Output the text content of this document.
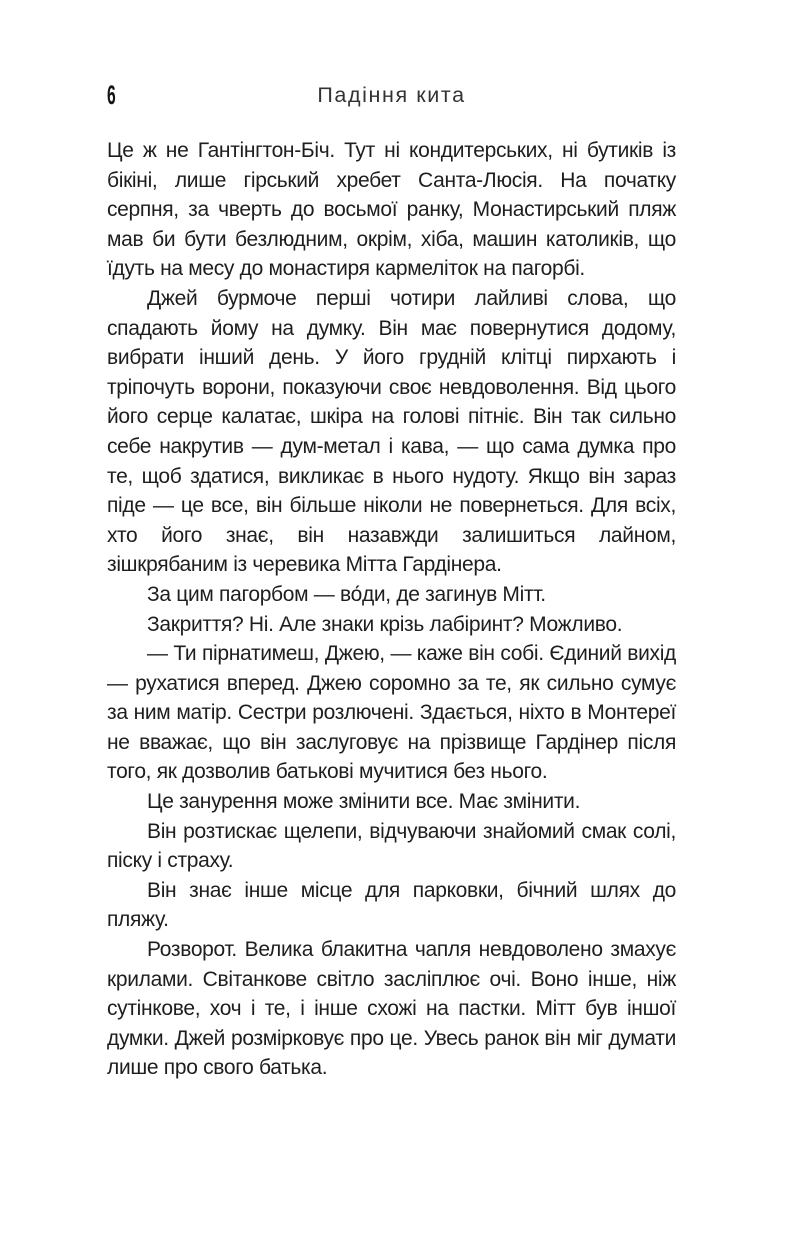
6	Падіння кита

Це ж не Гантінгтон-Біч. Тут ні кондитерських, ні бутиків із бікіні, лише гірський хребет Санта-Люсія. На початку серпня, за чверть до восьмої ранку, Монастирський пляж мав би бути безлюдним, окрім, хіба, машин католиків, що їдуть на месу до монастиря кармеліток на пагорбі.

Джей бурмоче перші чотири лайливі слова, що спадають йому на думку. Він має повернутися додому, вибрати інший день. У його грудній клітці пирхають і тріпочуть ворони, показуючи своє невдоволення. Від цього його серце калатає, шкіра на голові пітніє. Він так сильно себе накрутив — дум-метал і кава, — що сама думка про те, щоб здатися, викликає в нього нудоту. Якщо він зараз піде — це все, він більше ніколи не повернеться. Для всіх, хто його знає, він назавжди залишиться лайном, зішкрябаним із черевика Мітта Гардінера.

За цим пагорбом — во́ди, де загинув Мітт.

Закриття? Ні. Але знаки крізь лабіринт? Можливо.

— Ти пірнатимеш, Джею, — каже він собі. Єдиний вихід — рухатися вперед. Джею соромно за те, як сильно сумує за ним матір. Сестри розлючені. Здається, ніхто в Монтереї не вважає, що він заслуговує на прізвище Гардінер після того, як дозволив батькові мучитися без нього.

Це занурення може змінити все. Має змінити.

Він розтискає щелепи, відчуваючи знайомий смак солі, піску і страху.

Він знає інше місце для парковки, бічний шлях до пляжу.

Розворот. Велика блакитна чапля невдоволено змахує крилами. Світанкове світло засліплює очі. Воно інше, ніж сутінкове, хоч і те, і інше схожі на пастки. Мітт був іншої думки. Джей розмірковує про це. Увесь ранок він міг думати лише про свого батька.
